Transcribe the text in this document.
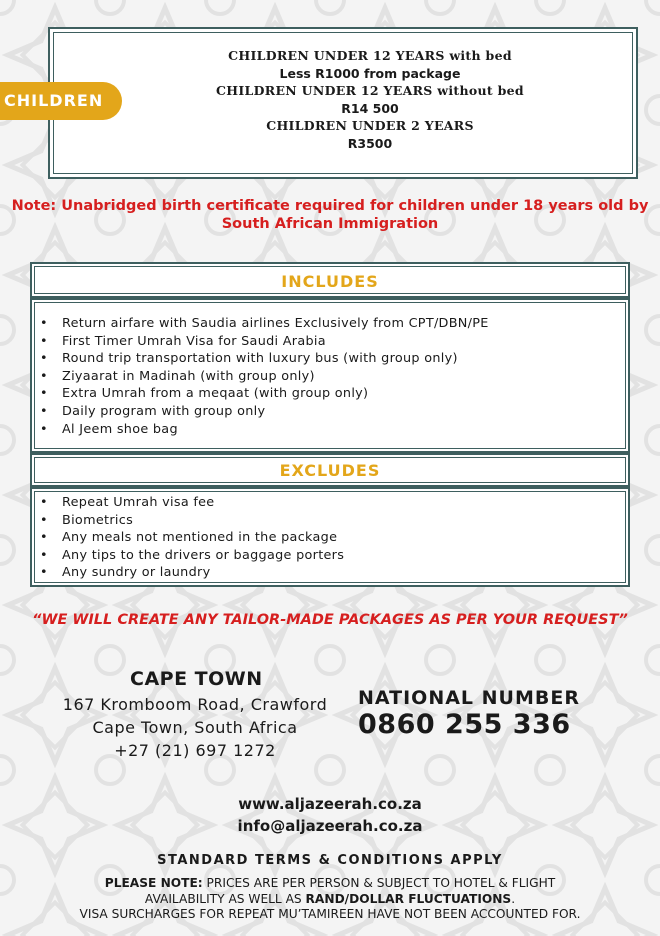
CHILDREN
CHILDREN UNDER 12 YEARS with bed
Less R1000 from package
CHILDREN UNDER 12 YEARS without bed
R14 500
CHILDREN UNDER 2 YEARS
R3500
Note: Unabridged birth certificate required for children under 18 years old by South African Immigration
INCLUDES
• Return airfare with Saudia airlines Exclusively from CPT/DBN/PE
• First Timer Umrah Visa for Saudi Arabia
• Round trip transportation with luxury bus (with group only)
• Ziyaarat in Madinah (with group only)
• Extra Umrah from a meqaat (with group only)
• Daily program with group only
• Al Jeem shoe bag
EXCLUDES
• Repeat Umrah visa fee
• Biometrics
• Any meals not mentioned in the package
• Any tips to the drivers or baggage porters
• Any sundry or laundry
“WE WILL CREATE ANY TAILOR-MADE PACKAGES AS PER YOUR REQUEST”
CAPE TOWN
167 Kromboom Road, Crawford
Cape Town, South Africa
+27 (21) 697 1272
NATIONAL NUMBER
0860 255 336
www.aljazeerah.co.za
info@aljazeerah.co.za
STANDARD TERMS & CONDITIONS APPLY
PLEASE NOTE: PRICES ARE PER PERSON & SUBJECT TO HOTEL & FLIGHT
AVAILABILITY AS WELL AS RAND/DOLLAR FLUCTUATIONS.
VISA SURCHARGES FOR REPEAT MU’TAMIREEN HAVE NOT BEEN ACCOUNTED FOR.
